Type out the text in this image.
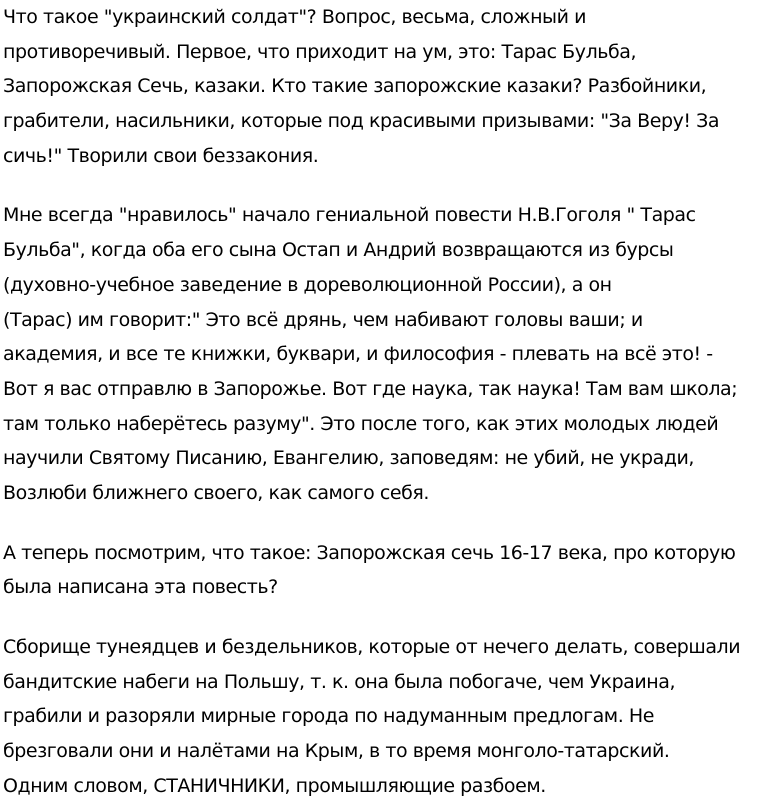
Что такое "украинский солдат"? Вопрос, весьма, сложный и
противоречивый. Первое, что приходит на ум, это: Тарас Бульба,
Запорожская Сечь, казаки. Кто такие запорожские казаки? Разбойники,
грабители, насильники, которые под красивыми призывами: "За Веру! За
сичь!" Творили свои беззакония.

Мне всегда "нравилось" начало гениальной повести Н.В.Гоголя " Тарас
Бульба", когда оба его сына Остап и Андрий возвращаются из бурсы
(духовно-учебное заведение в дореволюционной России), а он
(Тарас) им говорит:" Это всё дрянь, чем набивают головы ваши; и
академия, и все те книжки, буквари, и философия - плевать на всё это! -
Вот я вас отправлю в Запорожье. Вот где наука, так наука! Там вам школа;
там только наберётесь разуму". Это после того, как этих молодых людей
научили Святому Писанию, Евангелию, заповедям: не убий, не укради,
Возлюби ближнего своего, как самого себя.

А теперь посмотрим, что такое: Запорожская сечь 16-17 века, про которую
была написана эта повесть?

Сборище тунеядцев и бездельников, которые от нечего делать, совершали
бандитские набеги на Польшу, т. к. она была побогаче, чем Украина,
грабили и разоряли мирные города по надуманным предлогам. Не
брезговали они и налётами на Крым, в то время монголо-татарский.
Одним словом, СТАНИЧНИКИ, промышляющие разбоем.
